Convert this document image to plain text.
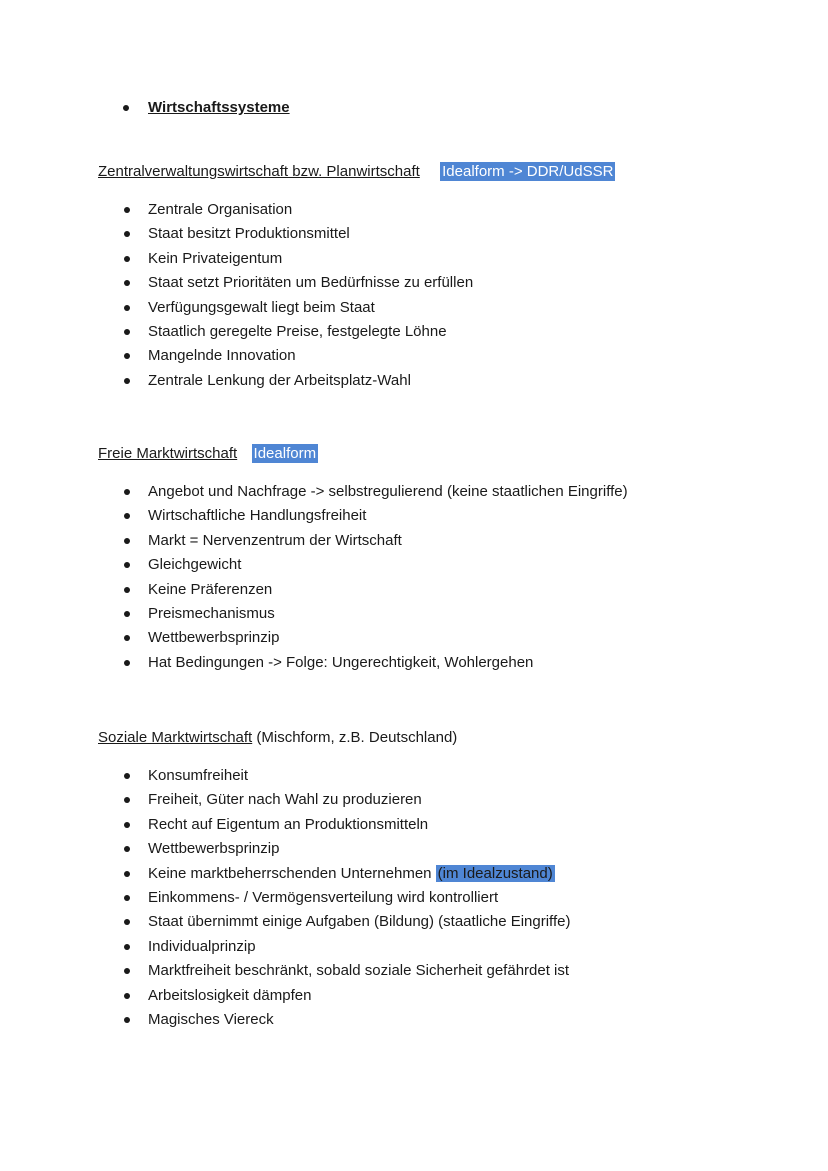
Wirtschaftssysteme
Zentralverwaltungswirtschaft bzw. Planwirtschaft Idealform -> DDR/UdSSR
Zentrale Organisation
Staat besitzt Produktionsmittel
Kein Privateigentum
Staat setzt Prioritäten um Bedürfnisse zu erfüllen
Verfügungsgewalt liegt beim Staat
Staatlich geregelte Preise, festgelegte Löhne
Mangelnde Innovation
Zentrale Lenkung der Arbeitsplatz-Wahl
Freie Marktwirtschaft Idealform
Angebot und Nachfrage -> selbstregulierend (keine staatlichen Eingriffe)
Wirtschaftliche Handlungsfreiheit
Markt = Nervenzentrum der Wirtschaft
Gleichgewicht
Keine Präferenzen
Preismechanismus
Wettbewerbsprinzip
Hat Bedingungen -> Folge: Ungerechtigkeit, Wohlergehen
Soziale Marktwirtschaft (Mischform, z.B. Deutschland)
Konsumfreiheit
Freiheit, Güter nach Wahl zu produzieren
Recht auf Eigentum an Produktionsmitteln
Wettbewerbsprinzip
Keine marktbeherrschenden Unternehmen (im Idealzustand)
Einkommens- / Vermögensverteilung wird kontrolliert
Staat übernimmt einige Aufgaben (Bildung) (staatliche Eingriffe)
Individualprinzip
Marktfreiheit beschränkt, sobald soziale Sicherheit gefährdet ist
Arbeitslosigkeit dämpfen
Magisches Viereck
